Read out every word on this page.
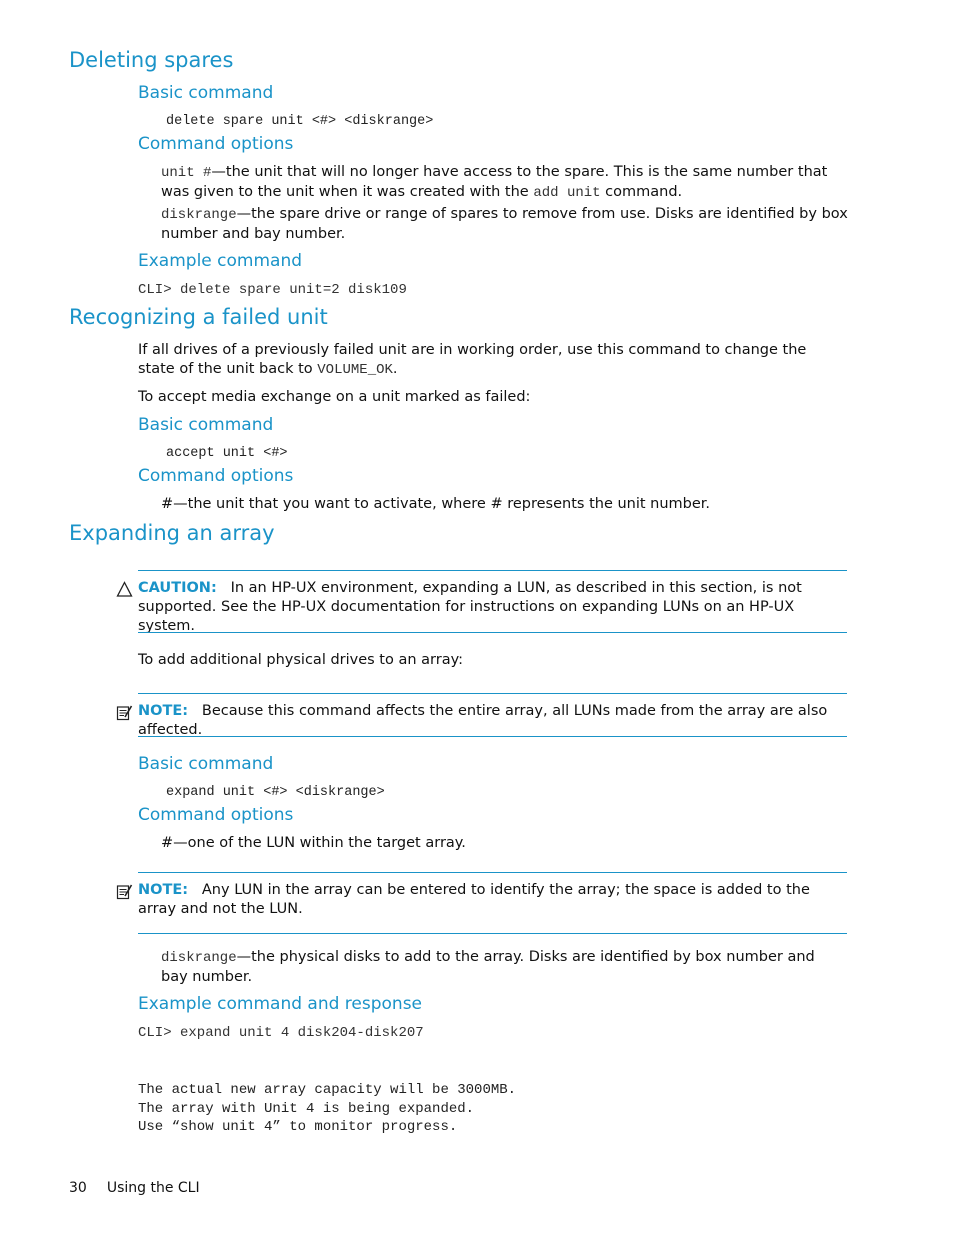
Deleting spares
Basic command
delete spare unit <#> <diskrange>
Command options
unit #—the unit that will no longer have access to the spare. This is the same number that was given to the unit when it was created with the add unit command.
diskrange—the spare drive or range of spares to remove from use. Disks are identified by box number and bay number.
Example command
CLI> delete spare unit=2 disk109
Recognizing a failed unit
If all drives of a previously failed unit are in working order, use this command to change the state of the unit back to VOLUME_OK.
To accept media exchange on a unit marked as failed:
Basic command
accept unit <#>
Command options
#—the unit that you want to activate, where # represents the unit number.
Expanding an array
CAUTION: In an HP-UX environment, expanding a LUN, as described in this section, is not supported. See the HP-UX documentation for instructions on expanding LUNs on an HP-UX system.
To add additional physical drives to an array:
NOTE: Because this command affects the entire array, all LUNs made from the array are also affected.
Basic command
expand unit <#> <diskrange>
Command options
#—one of the LUN within the target array.
NOTE: Any LUN in the array can be entered to identify the array; the space is added to the array and not the LUN.
diskrange—the physical disks to add to the array. Disks are identified by box number and bay number.
Example command and response
CLI> expand unit 4 disk204-disk207
The actual new array capacity will be 3000MB.
The array with Unit 4 is being expanded.
Use “show unit 4” to monitor progress.
30 Using the CLI
